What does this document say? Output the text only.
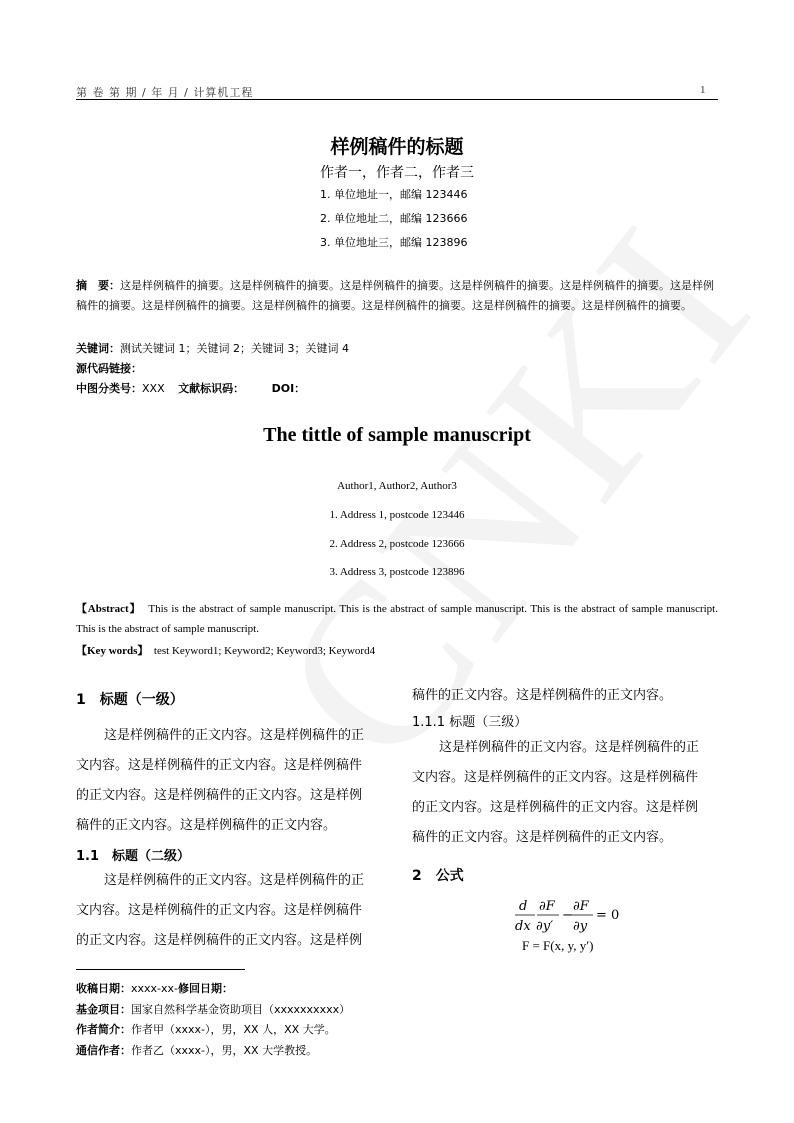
第 卷 第 期 / 年 月 / 计算机工程	1
样例稿件的标题
作者一，作者二，作者三
1. 单位地址一，邮编 123446
2. 单位地址二，邮编 123666
3. 单位地址三，邮编 123896
摘　要：这是样例稿件的摘要。这是样例稿件的摘要。这是样例稿件的摘要。这是样例稿件的摘要。这是样例稿件的摘要。这是样例稿件的摘要。这是样例稿件的摘要。这是样例稿件的摘要。这是样例稿件的摘要。这是样例稿件的摘要。这是样例稿件的摘要。
关键词：测试关键词 1；关键词 2；关键词 3；关键词 4
源代码链接：
中图分类号：XXX 文献标识码：	DOI：
The tittle of sample manuscript
Author1, Author2, Author3
1. Address 1, postcode 123446
2. Address 2, postcode 123666
3. Address 3, postcode 123896
【Abstract】 This is the abstract of sample manuscript. This is the abstract of sample manuscript. This is the abstract of sample manuscript. This is the abstract of sample manuscript.
【Key words】 test Keyword1; Keyword2; Keyword3; Keyword4
1　标题（一级）
这是样例稿件的正文内容。这是样例稿件的正
文内容。这是样例稿件的正文内容。这是样例稿件
的正文内容。这是样例稿件的正文内容。这是样例
稿件的正文内容。这是样例稿件的正文内容。
1.1　标题（二级）
这是样例稿件的正文内容。这是样例稿件的正
文内容。这是样例稿件的正文内容。这是样例稿件
的正文内容。这是样例稿件的正文内容。这是样例
收稿日期：xxxx-xx-修回日期：
基金项目：国家自然科学基金资助项目（xxxxxxxxxx）
作者简介：作者甲（xxxx-），男，XX 人，XX 大学。
通信作者：作者乙（xxxx-），男，XX 大学教授。
稿件的正文内容。这是样例稿件的正文内容。
1.1.1 标题（三级）
这是样例稿件的正文内容。这是样例稿件的正
文内容。这是样例稿件的正文内容。这是样例稿件
的正文内容。这是样例稿件的正文内容。这是样例
稿件的正文内容。这是样例稿件的正文内容。
2　公式
d
dx
∂F
∂y′
−
∂F
∂y
= 0
F = F(x, y, y′)
